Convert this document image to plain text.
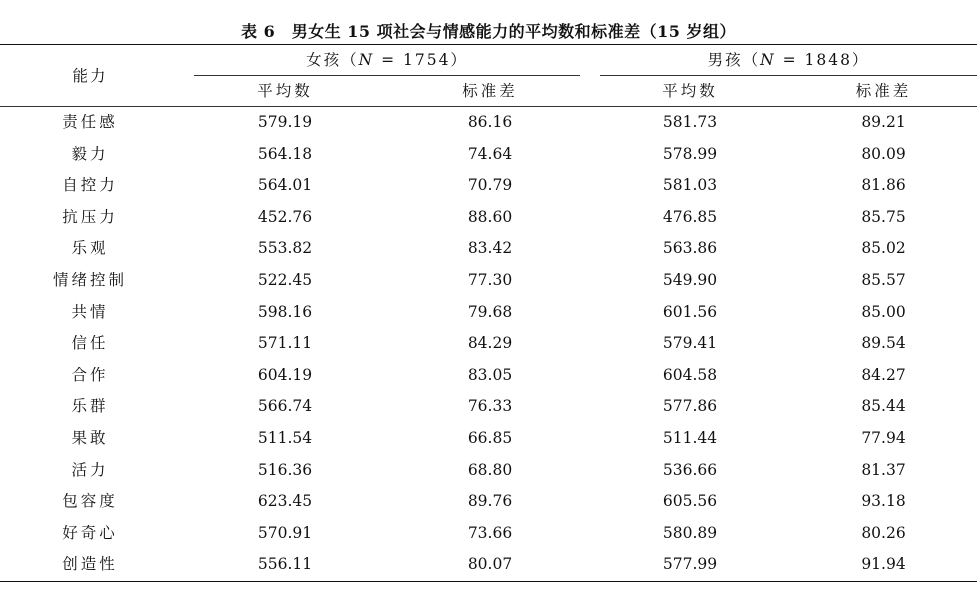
表 6　男女生 15 项社会与情感能力的平均数和标准差（15 岁组）
能力	女孩（N = 1754）		男孩（N = 1848）	

	平均数	标准差	平均数	标准差
责任感	579.19	86.16	581.73	89.21
毅力	564.18	74.64	578.99	80.09
自控力	564.01	70.79	581.03	81.86
抗压力	452.76	88.60	476.85	85.75
乐观	553.82	83.42	563.86	85.02
情绪控制	522.45	77.30	549.90	85.57
共情	598.16	79.68	601.56	85.00
信任	571.11	84.29	579.41	89.54
合作	604.19	83.05	604.58	84.27
乐群	566.74	76.33	577.86	85.44
果敢	511.54	66.85	511.44	77.94
活力	516.36	68.80	536.66	81.37
包容度	623.45	89.76	605.56	93.18
好奇心	570.91	73.66	580.89	80.26
创造性	556.11	80.07	577.99	91.94
